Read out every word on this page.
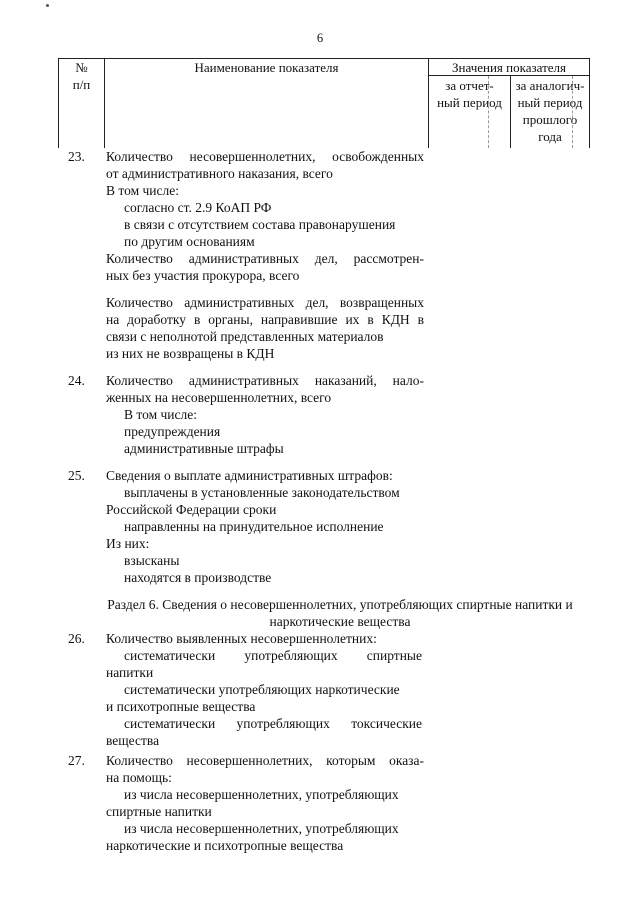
6
№
п/п
Наименование показателя	Значения показателя
за отчет-
ный период
за аналогич-
ный период
прошлого
года
23. Количество несовершеннолетних, освобожденных
от административного наказания, всего
В том числе:
согласно ст. 2.9 КоАП РФ
в связи с отсутствием состава правонарушения
по другим основаниям
Количество административных дел, рассмотрен-
ных без участия прокурора, всего
Количество административных дел, возвращенных
на доработку в органы, направившие их в КДН в
связи с неполнотой представленных материалов
из них не возвращены в КДН
24. Количество административных наказаний, нало-
женных на несовершеннолетних, всего
В том числе:
предупреждения
административные штрафы
25. Сведения о выплате административных штрафов:
выплачены в установленные законодательством
Российской Федерации сроки
направленны на принудительное исполнение
Из них:
взысканы
находятся в производстве
Раздел 6. Сведения о несовершеннолетних, употребляющих спиртные напитки и
наркотические вещества
26. Количество выявленных несовершеннолетних:
систематически употребляющих спиртные
напитки
систематически употребляющих наркотические
и психотропные вещества
систематически употребляющих токсические
вещества
27. Количество несовершеннолетних, которым оказа-
на помощь:
из числа несовершеннолетних, употребляющих
спиртные напитки
из числа несовершеннолетних, употребляющих
наркотические и психотропные вещества
